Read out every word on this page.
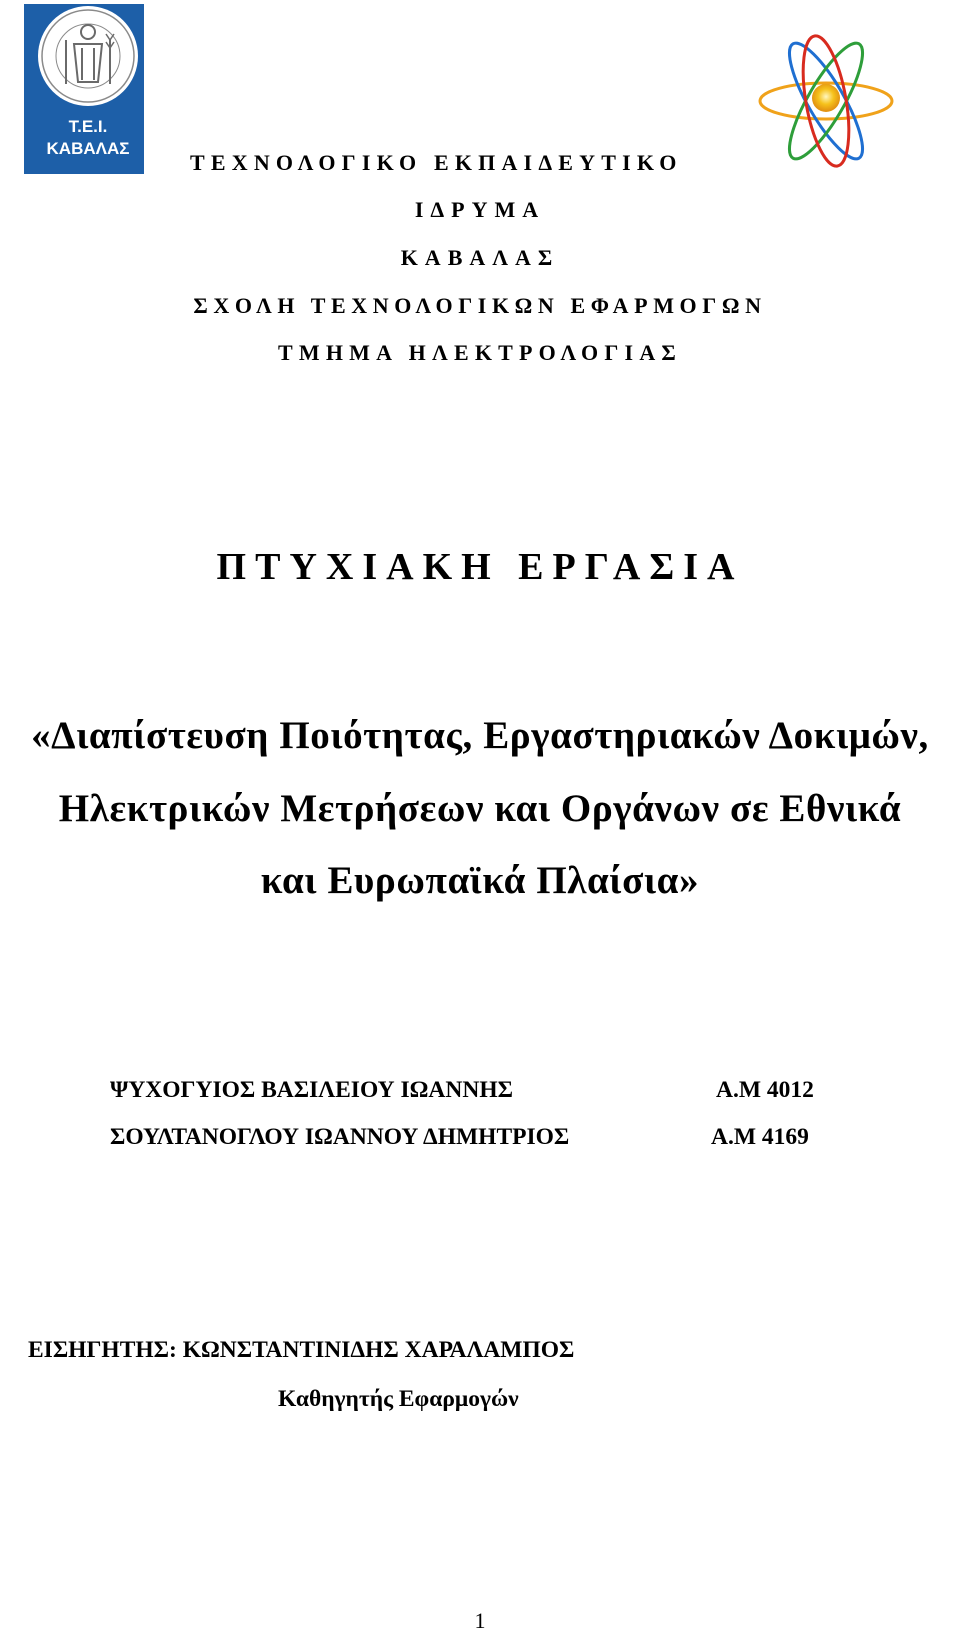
T.E.I.
ΚΑΒΑΛΑΣ
ΤΕΧΝΟΛΟΓΙΚΟ ΕΚΠΑΙΔΕΥΤΙΚΟ
ΙΔΡΥΜΑ
ΚΑΒΑΛΑΣ
ΣΧΟΛΗ ΤΕΧΝΟΛΟΓΙΚΩΝ ΕΦΑΡΜΟΓΩΝ
ΤΜΗΜΑ ΗΛΕΚΤΡΟΛΟΓΙΑΣ
ΠΤΥΧΙΑΚΗ ΕΡΓΑΣΙΑ
«Διαπίστευση Ποιότητας, Εργαστηριακών Δοκιμών,
Ηλεκτρικών Μετρήσεων και Οργάνων σε Εθνικά
και Ευρωπαϊκά Πλαίσια»
ΨΥΧΟΓΥΙΟΣ ΒΑΣΙΛΕΙΟΥ ΙΩΑΝΝΗΣ	Α.Μ 4012
ΣΟΥΛΤΑΝΟΓΛΟΥ ΙΩΑΝΝΟΥ ΔΗΜΗΤΡΙΟΣ	Α.Μ 4169
ΕΙΣΗΓΗΤΗΣ: ΚΩΝΣΤΑΝΤΙΝΙΔΗΣ ΧΑΡΑΛΑΜΠΟΣ
Καθηγητής Εφαρμογών
1
